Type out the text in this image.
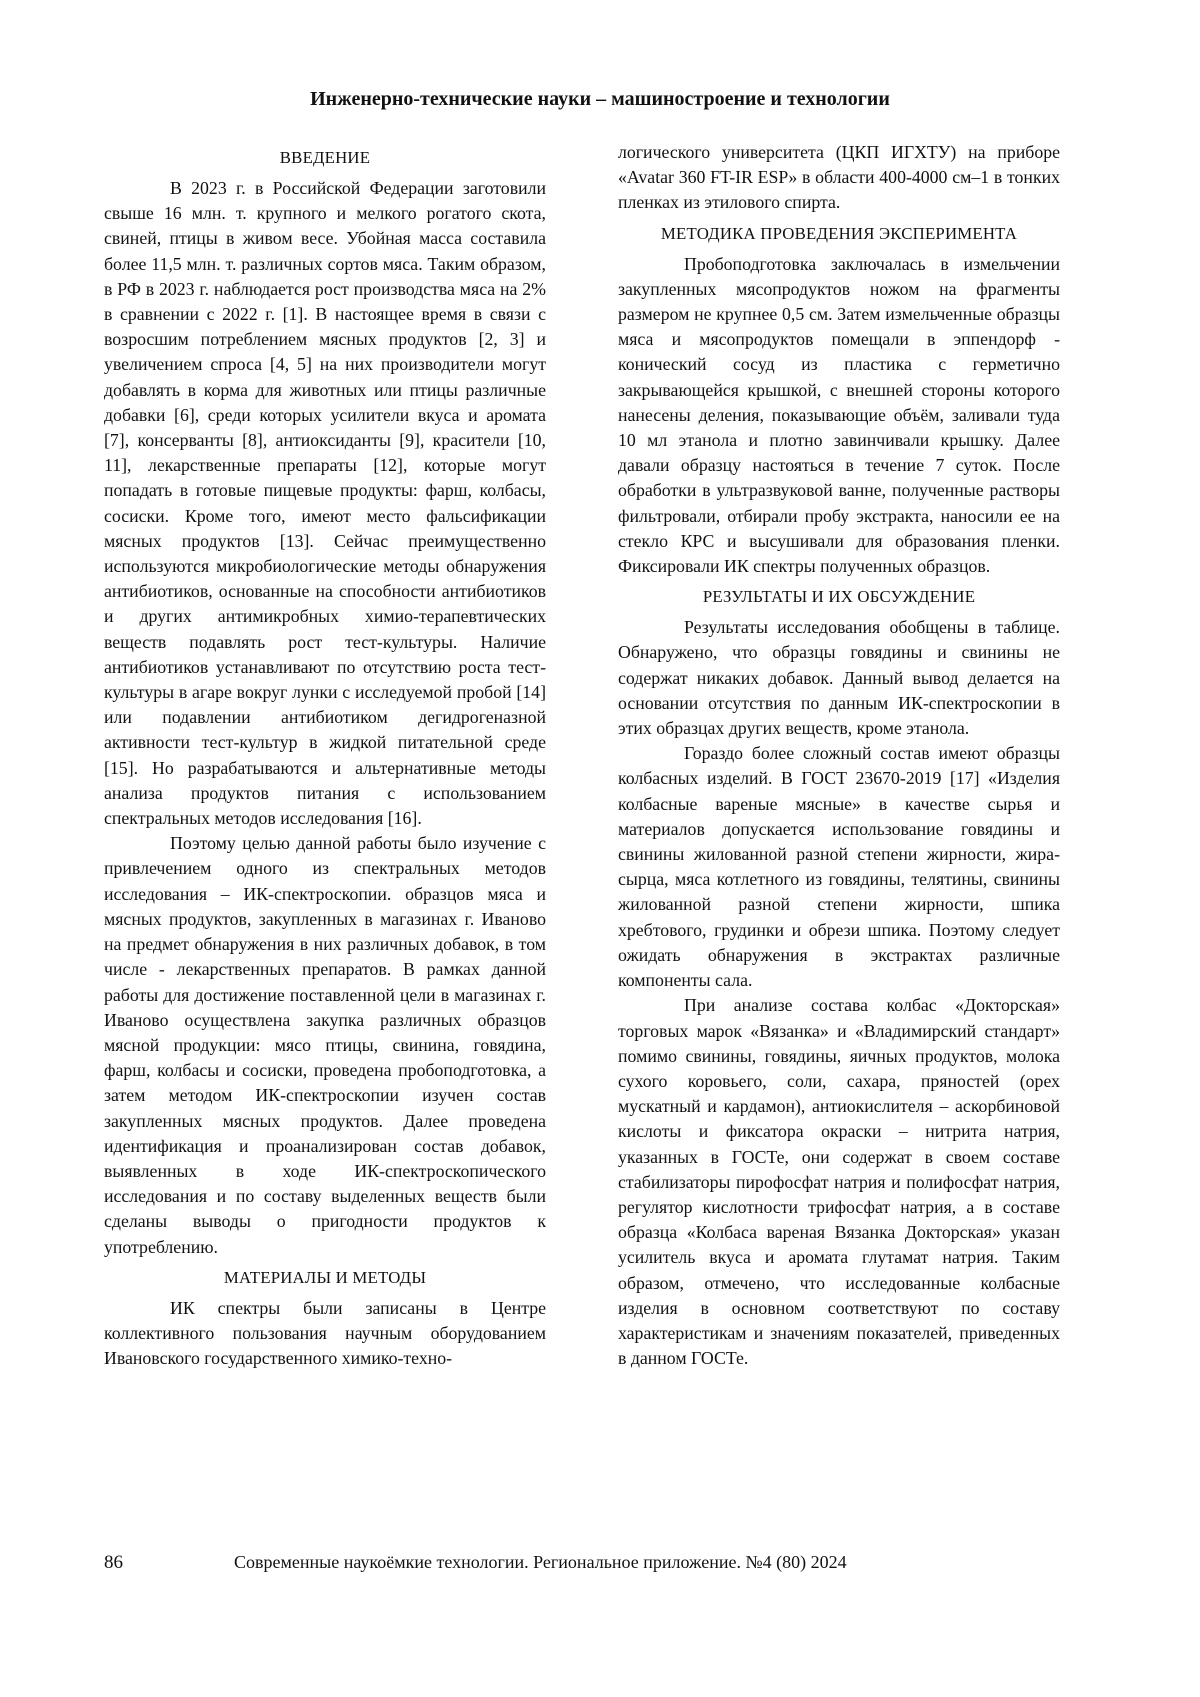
Инженерно-технические науки – машиностроение и технологии
ВВЕДЕНИЕ

В 2023 г. в Российской Федерации заготовили свыше 16 млн. т. крупного и мелкого рогатого скота, свиней, птицы в живом весе. Убойная масса составила более 11,5 млн. т. различных сортов мяса. Таким образом, в РФ в 2023 г. наблюдается рост производства мяса на 2% в сравнении с 2022 г. [1]. В настоящее время в связи с возросшим потреблением мясных продуктов [2, 3] и увеличением спроса [4, 5] на них производители могут добавлять в корма для животных или птицы различные добавки [6], среди которых усилители вкуса и аромата [7], консерванты [8], антиоксиданты [9], красители [10, 11], лекарственные препараты [12], которые могут попадать в готовые пищевые продукты: фарш, колбасы, сосиски. Кроме того, имеют место фальсификации мясных продуктов [13]. Сейчас преимущественно используются микробиологические методы обнаружения антибиотиков, основанные на способности антибиотиков и других антимикробных химио-терапевтических веществ подавлять рост тест-культуры. Наличие антибиотиков устанавливают по отсутствию роста тест-культуры в агаре вокруг лунки с исследуемой пробой [14] или подавлении антибиотиком дегидрогеназной активности тест-культур в жидкой питательной среде [15]. Но разрабатываются и альтернативные методы анализа продуктов питания с использованием спектральных методов исследования [16].

Поэтому целью данной работы было изучение с привлечением одного из спектральных методов исследования – ИК-спектроскопии. образцов мяса и мясных продуктов, закупленных в магазинах г. Иваново на предмет обнаружения в них различных добавок, в том числе - лекарственных препаратов. В рамках данной работы для достижение поставленной цели в магазинах г. Иваново осуществлена закупка различных образцов мясной продукции: мясо птицы, свинина, говядина, фарш, колбасы и сосиски, проведена пробоподготовка, а затем методом ИК-спектроскопии изучен состав закупленных мясных продуктов. Далее проведена идентификация и проанализирован состав добавок, выявленных в ходе ИК-спектроскопического исследования и по составу выделенных веществ были сделаны выводы о пригодности продуктов к употреблению.

МАТЕРИАЛЫ И МЕТОДЫ

ИК спектры были записаны в Центре коллективного пользования научным оборудованием Ивановского государственного химико-техно-

логического университета (ЦКП ИГХТУ) на приборе «Avatar 360 FT-IR ESP» в области 400-4000 см–1 в тонких пленках из этилового спирта.

МЕТОДИКА ПРОВЕДЕНИЯ ЭКСПЕРИМЕНТА

Пробоподготовка заключалась в измельчении закупленных мясопродуктов ножом на фрагменты размером не крупнее 0,5 см. Затем измельченные образцы мяса и мясопродуктов помещали в эппендорф - конический сосуд из пластика с герметично закрывающейся крышкой, с внешней стороны которого нанесены деления, показывающие объём, заливали туда 10 мл этанола и плотно завинчивали крышку. Далее давали образцу настояться в течение 7 суток. После обработки в ультразвуковой ванне, полученные растворы фильтровали, отбирали пробу экстракта, наносили ее на стекло КРС и высушивали для образования пленки. Фиксировали ИК спектры полученных образцов.

РЕЗУЛЬТАТЫ И ИХ ОБСУЖДЕНИЕ

Результаты исследования обобщены в таблице. Обнаружено, что образцы говядины и свинины не содержат никаких добавок. Данный вывод делается на основании отсутствия по данным ИК-спектроскопии в этих образцах других веществ, кроме этанола.

Гораздо более сложный состав имеют образцы колбасных изделий. В ГОСТ 23670-2019 [17] «Изделия колбасные вареные мясные» в качестве сырья и материалов допускается использование говядины и свинины жилованной разной степени жирности, жира-сырца, мяса котлетного из говядины, телятины, свинины жилованной разной степени жирности, шпика хребтового, грудинки и обрези шпика. Поэтому следует ожидать обнаружения в экстрактах различные компоненты сала.

При анализе состава колбас «Докторская» торговых марок «Вязанка» и «Владимирский стандарт» помимо свинины, говядины, яичных продуктов, молока сухого коровьего, соли, сахара, пряностей (орех мускатный и кардамон), антиокислителя – аскорбиновой кислоты и фиксатора окраски – нитрита натрия, указанных в ГОСТе, они содержат в своем составе стабилизаторы пирофосфат натрия и полифосфат натрия, регулятор кислотности трифосфат натрия, а в составе образца «Колбаса вареная Вязанка Докторская» указан усилитель вкуса и аромата глутамат натрия. Таким образом, отмечено, что исследованные колбасные изделия в основном соответствуют по составу характеристикам и значениям показателей, приведенных в данном ГОСТе.

86	Современные наукоёмкие технологии. Региональное приложение. №4 (80) 2024
